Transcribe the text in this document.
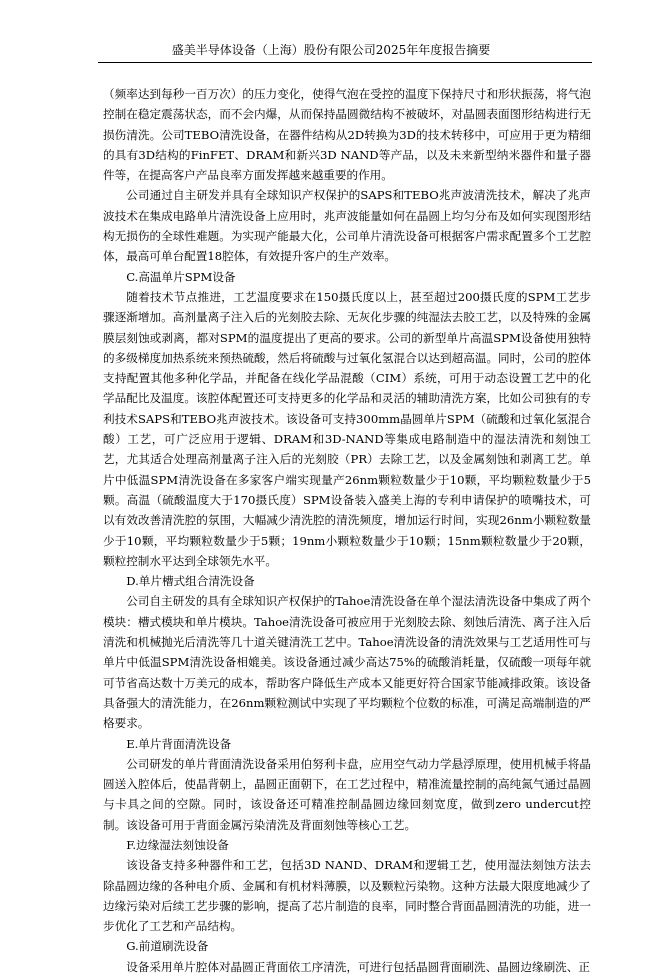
盛美半导体设备（上海）股份有限公司2025年年度报告摘要

（频率达到每秒一百万次）的压力变化，使得气泡在受控的温度下保持尺寸和形状振荡，将气泡控制在稳定震荡状态，而不会内爆，从而保持晶圆微结构不被破坏，对晶圆表面图形结构进行无损伤清洗。公司TEBO清洗设备，在器件结构从2D转换为3D的技术转移中，可应用于更为精细的具有3D结构的FinFET、DRAM和新兴3D NAND等产品，以及未来新型纳米器件和量子器件等，在提高客户产品良率方面发挥越来越重要的作用。

公司通过自主研发并具有全球知识产权保护的SAPS和TEBO兆声波清洗技术，解决了兆声波技术在集成电路单片清洗设备上应用时，兆声波能量如何在晶圆上均匀分布及如何实现图形结构无损伤的全球性难题。为实现产能最大化，公司单片清洗设备可根据客户需求配置多个工艺腔体，最高可单台配置18腔体，有效提升客户的生产效率。

C.高温单片SPM设备

随着技术节点推进，工艺温度要求在150摄氏度以上，甚至超过200摄氏度的SPM工艺步骤逐渐增加。高剂量离子注入后的光刻胶去除、无灰化步骤的纯湿法去胶工艺，以及特殊的金属膜层刻蚀或剥离，都对SPM的温度提出了更高的要求。公司的新型单片高温SPM设备使用独特的多级梯度加热系统来预热硫酸，然后将硫酸与过氧化氢混合以达到超高温。同时，公司的腔体支持配置其他多种化学品，并配备在线化学品混酸（CIM）系统，可用于动态设置工艺中的化学品配比及温度。该腔体配置还可支持更多的化学品和灵活的辅助清洗方案，比如公司独有的专利技术SAPS和TEBO兆声波技术。该设备可支持300mm晶圆单片SPM（硫酸和过氧化氢混合酸）工艺，可广泛应用于逻辑、DRAM和3D-NAND等集成电路制造中的湿法清洗和刻蚀工艺，尤其适合处理高剂量离子注入后的光刻胶（PR）去除工艺，以及金属刻蚀和剥离工艺。单片中低温SPM清洗设备在多家客户端实现量产26nm颗粒数量少于10颗，平均颗粒数量少于5颗。高温（硫酸温度大于170摄氏度）SPM设备装入盛美上海的专利申请保护的喷嘴技术，可以有效改善清洗腔的氛围，大幅减少清洗腔的清洗频度，增加运行时间，实现26nm小颗粒数量少于10颗，平均颗粒数量少于5颗；19nm小颗粒数量少于10颗；15nm颗粒数量少于20颗，颗粒控制水平达到全球领先水平。

D.单片槽式组合清洗设备

公司自主研发的具有全球知识产权保护的Tahoe清洗设备在单个湿法清洗设备中集成了两个模块：槽式模块和单片模块。Tahoe清洗设备可被应用于光刻胶去除、刻蚀后清洗、离子注入后清洗和机械抛光后清洗等几十道关键清洗工艺中。Tahoe清洗设备的清洗效果与工艺适用性可与单片中低温SPM清洗设备相媲美。该设备通过减少高达75%的硫酸消耗量，仅硫酸一项每年就可节省高达数十万美元的成本，帮助客户降低生产成本又能更好符合国家节能减排政策。该设备具备强大的清洗能力，在26nm颗粒测试中实现了平均颗粒个位数的标准，可满足高端制造的严格要求。

E.单片背面清洗设备

公司研发的单片背面清洗设备采用伯努利卡盘，应用空气动力学悬浮原理，使用机械手将晶圆送入腔体后，使晶背朝上，晶圆正面朝下，在工艺过程中，精准流量控制的高纯氮气通过晶圆与卡具之间的空隙。同时，该设备还可精准控制晶圆边缘回刻宽度，做到zero undercut控制。该设备可用于背面金属污染清洗及背面刻蚀等核心工艺。

F.边缘湿法刻蚀设备

该设备支持多种器件和工艺，包括3D NAND、DRAM和逻辑工艺，使用湿法刻蚀方法去除晶圆边缘的各种电介质、金属和有机材料薄膜，以及颗粒污染物。这种方法最大限度地减少了边缘污染对后续工艺步骤的影响，提高了芯片制造的良率，同时整合背面晶圆清洗的功能，进一步优化了工艺和产品结构。

G.前道刷洗设备

设备采用单片腔体对晶圆正背面依工序清洗，可进行包括晶圆背面刷洗、晶圆边缘刷洗、正
